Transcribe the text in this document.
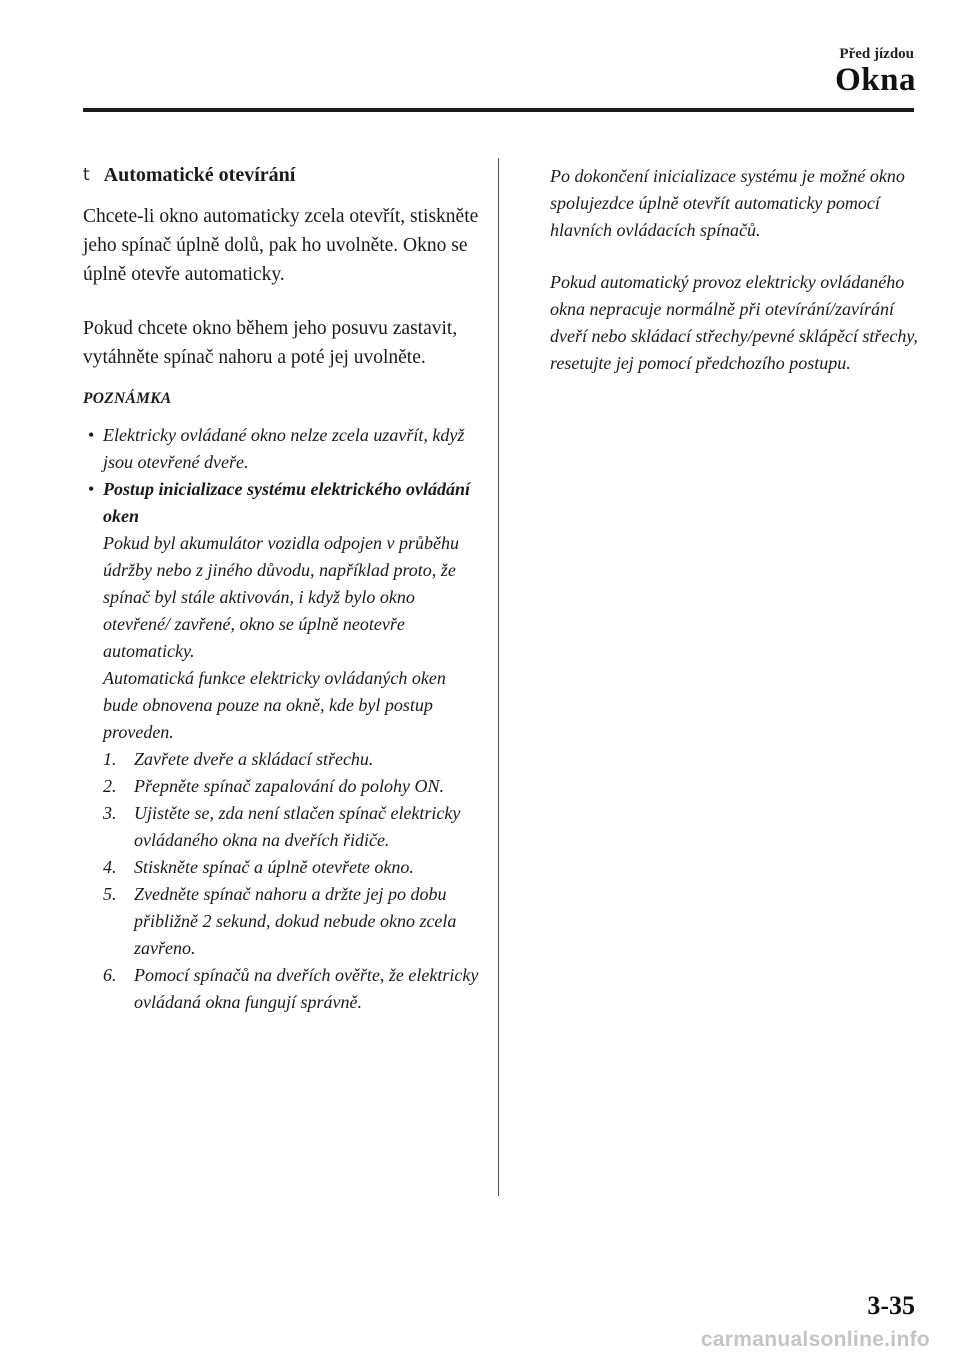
Před jízdou
Okna
t Automatické otevírání

Chcete-li okno automaticky zcela otevřít, stiskněte jeho spínač úplně dolů, pak ho uvolněte. Okno se úplně otevře automaticky.

Pokud chcete okno během jeho posuvu zastavit, vytáhněte spínač nahoru a poté jej uvolněte.

POZNÁMKA
• Elektricky ovládané okno nelze zcela uzavřít, když jsou otevřené dveře.
• Postup inicializace systému elektrického ovládání oken
Pokud byl akumulátor vozidla odpojen v průběhu údržby nebo z jiného důvodu, například proto, že spínač byl stále aktivován, i když bylo okno otevřené/ zavřené, okno se úplně neotevře automaticky.
Automatická funkce elektricky ovládaných oken bude obnovena pouze na okně, kde byl postup proveden.
1. Zavřete dveře a skládací střechu.
2. Přepněte spínač zapalování do polohy ON.
3. Ujistěte se, zda není stlačen spínač elektricky ovládaného okna na dveřích řidiče.
4. Stiskněte spínač a úplně otevřete okno.
5. Zvedněte spínač nahoru a držte jej po dobu přibližně 2 sekund, dokud nebude okno zcela zavřeno.
6. Pomocí spínačů na dveřích ověřte, že elektricky ovládaná okna fungují správně.

Po dokončení inicializace systému je možné okno spolujezdce úplně otevřít automaticky pomocí hlavních ovládacích spínačů.

Pokud automatický provoz elektricky ovládaného okna nepracuje normálně při otevírání/zavírání dveří nebo skládací střechy/pevné sklápěcí střechy, resetujte jej pomocí předchozího postupu.

3-35
carmanualsonline.info
